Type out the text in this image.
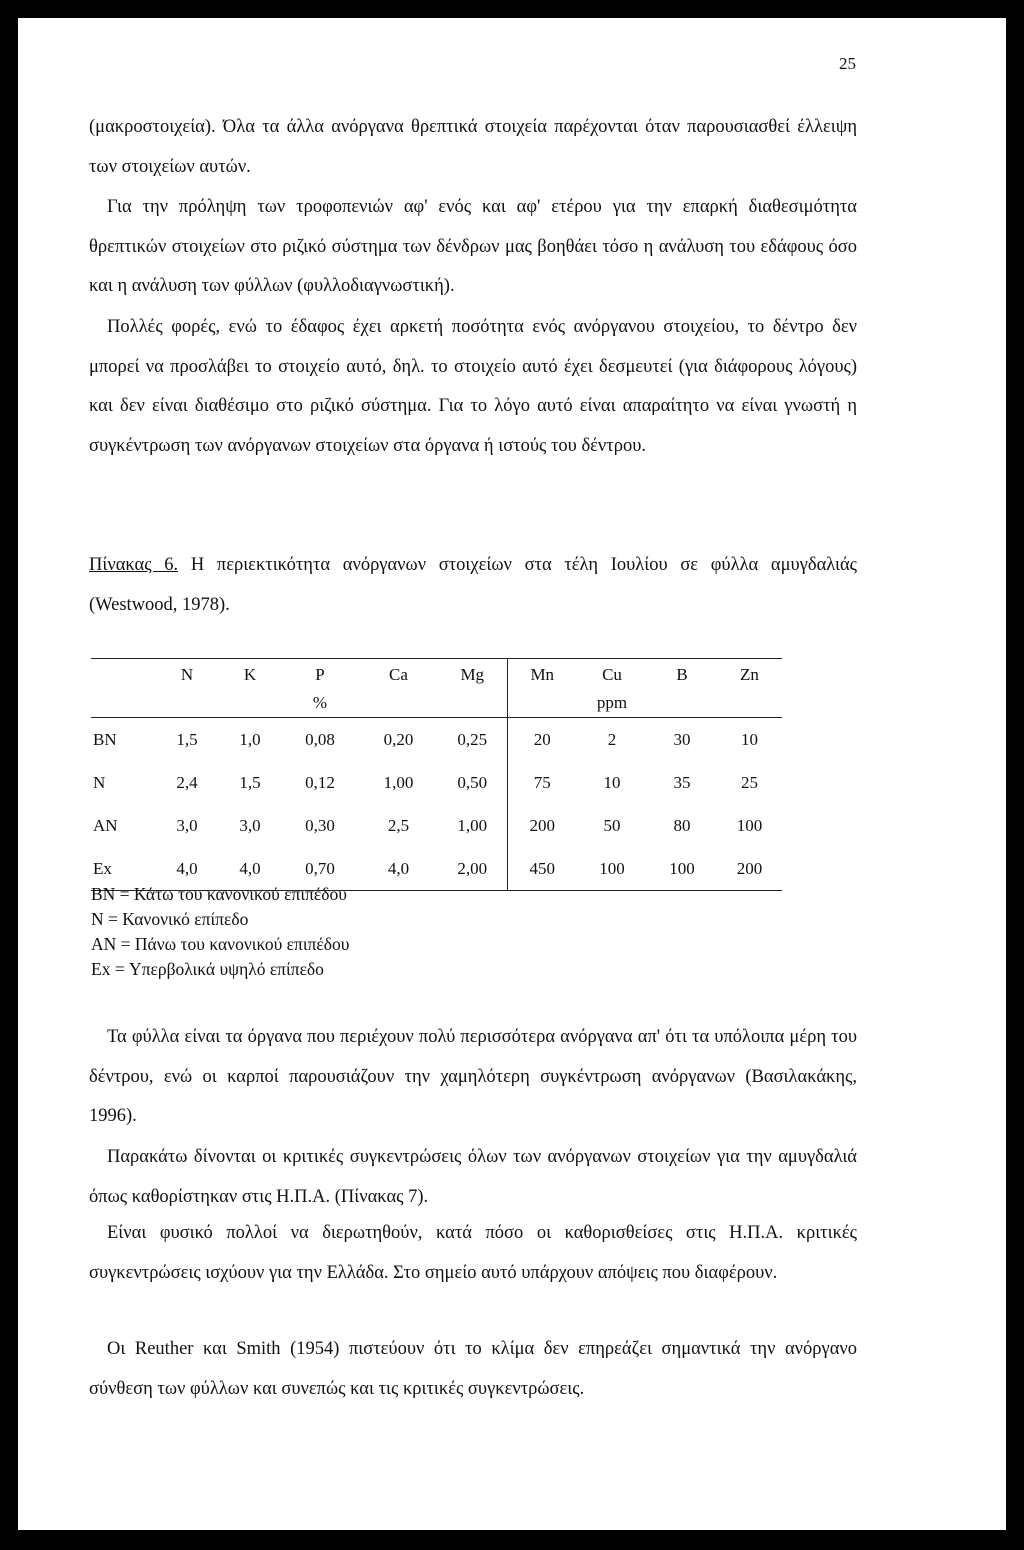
25

(μακροστοιχεία). Όλα τα άλλα ανόργανα θρεπτικά στοιχεία παρέχονται όταν παρουσιασθεί έλλειψη των στοιχείων αυτών.

Για την πρόληψη των τροφοπενιών αφ' ενός και αφ' ετέρου για την επαρκή διαθεσιμότητα θρεπτικών στοιχείων στο ριζικό σύστημα των δένδρων μας βοηθάει τόσο η ανάλυση του εδάφους όσο και η ανάλυση των φύλλων (φυλλοδιαγνωστική).

Πολλές φορές, ενώ το έδαφος έχει αρκετή ποσότητα ενός ανόργανου στοιχείου, το δέντρο δεν μπορεί να προσλάβει το στοιχείο αυτό, δηλ. το στοιχείο αυτό έχει δεσμευτεί (για διάφορους λόγους) και δεν είναι διαθέσιμο στο ριζικό σύστημα. Για το λόγο αυτό είναι απαραίτητο να είναι γνωστή η συγκέντρωση των ανόργανων στοιχείων στα όργανα ή ιστούς του δέντρου.

Πίνακας 6. Η περιεκτικότητα ανόργανων στοιχείων στα τέλη Ιουλίου σε φύλλα αμυγδαλιάς (Westwood, 1978).

	N	K	P	Ca	Mg	Mn	Cu	B	Zn
			%				ppm		
BN	1,5	1,0	0,08	0,20	0,25	20	2	30	10
N	2,4	1,5	0,12	1,00	0,50	75	10	35	25
AN	3,0	3,0	0,30	2,5	1,00	200	50	80	100
Ex	4,0	4,0	0,70	4,0	2,00	450	100	100	200
BN = Κάτω του κανονικού επιπέδου
N = Κανονικό επίπεδο
AN = Πάνω του κανονικού επιπέδου
Ex = Υπερβολικά υψηλό επίπεδο

Τα φύλλα είναι τα όργανα που περιέχουν πολύ περισσότερα ανόργανα απ' ότι τα υπόλοιπα μέρη του δέντρου, ενώ οι καρποί παρουσιάζουν την χαμηλότερη συγκέντρωση ανόργανων (Βασιλακάκης, 1996).

Παρακάτω δίνονται οι κριτικές συγκεντρώσεις όλων των ανόργανων στοιχείων για την αμυγδαλιά όπως καθορίστηκαν στις Η.Π.Α. (Πίνακας 7).

Είναι φυσικό πολλοί να διερωτηθούν, κατά πόσο οι καθορισθείσες στις Η.Π.Α. κριτικές συγκεντρώσεις ισχύουν για την Ελλάδα. Στο σημείο αυτό υπάρχουν απόψεις που διαφέρουν.

Οι Reuther και Smith (1954) πιστεύουν ότι το κλίμα δεν επηρεάζει σημαντικά την ανόργανο σύνθεση των φύλλων και συνεπώς και τις κριτικές συγκεντρώσεις.
